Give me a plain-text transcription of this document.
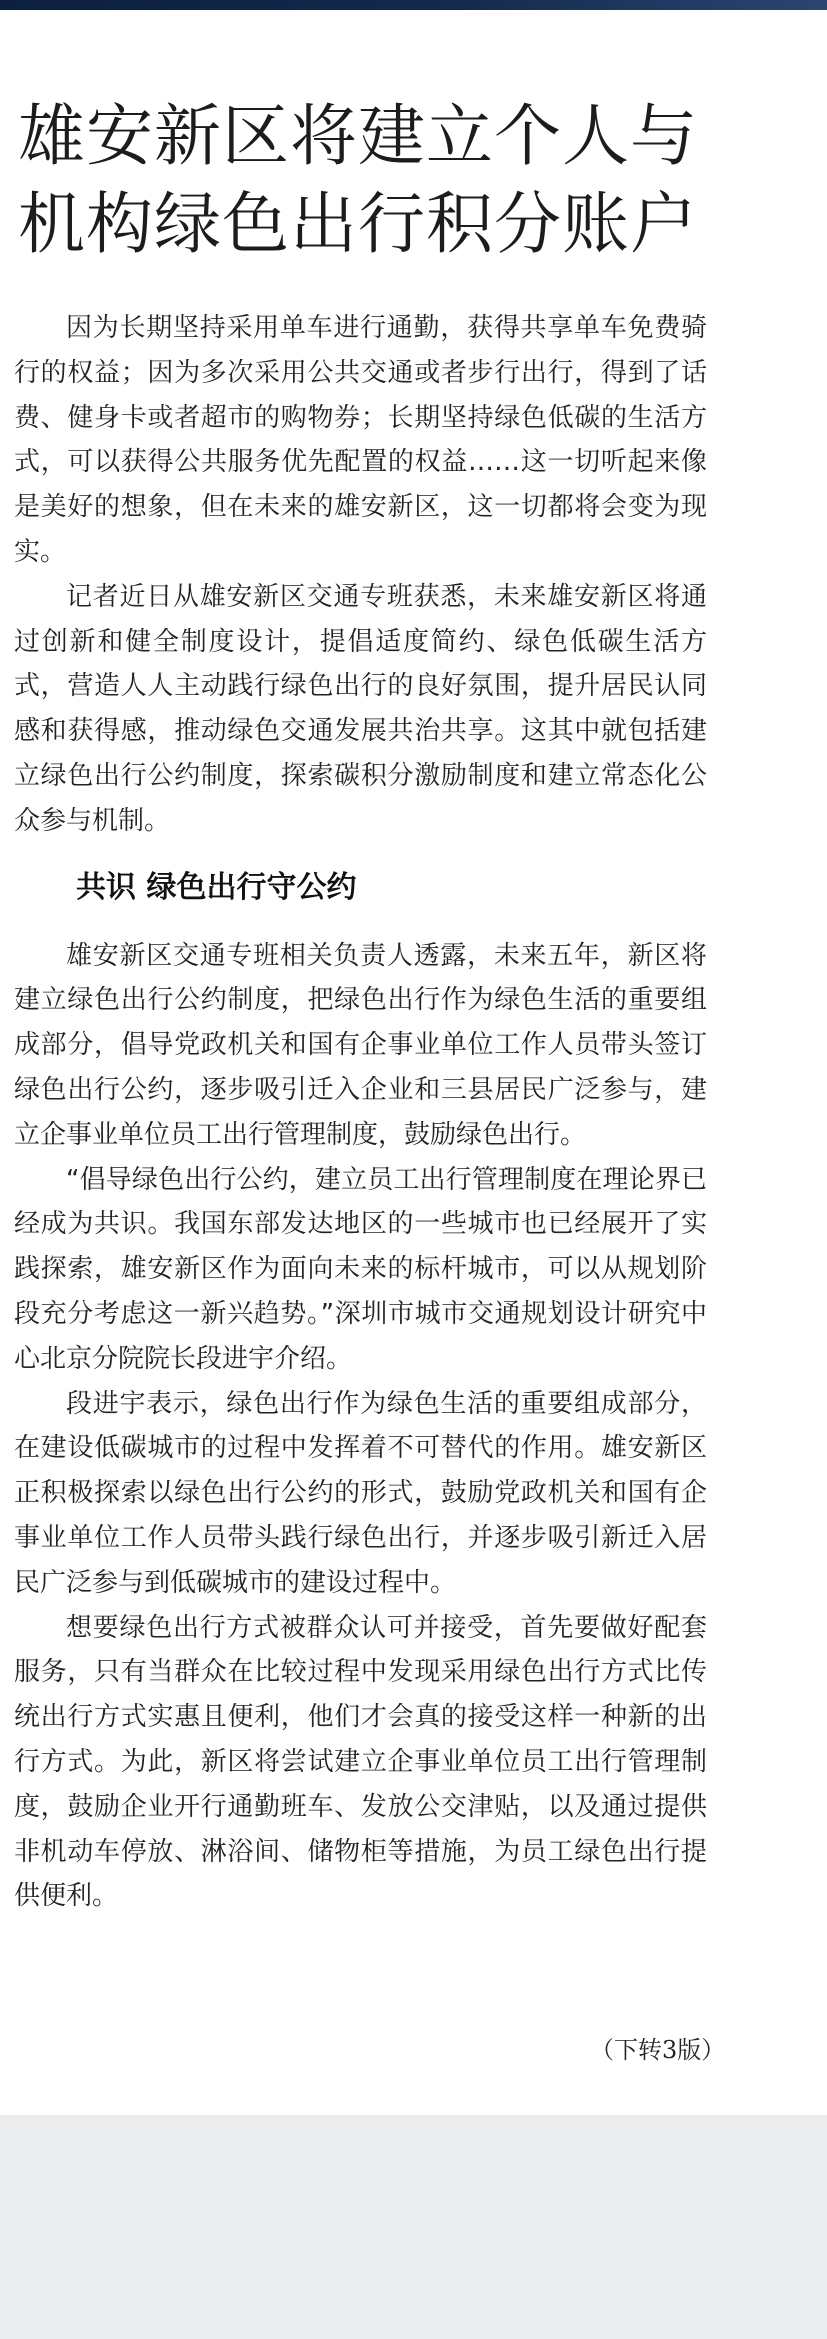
雄安新区将建立个人与
机构绿色出行积分账户

因为长期坚持采用单车进行通勤，获得共享单车免费骑行的权益；因为多次采用公共交通或者步行出行，得到了话费、健身卡或者超市的购物券；长期坚持绿色低碳的生活方式，可以获得公共服务优先配置的权益……这一切听起来像是美好的想象，但在未来的雄安新区，这一切都将会变为现实。

记者近日从雄安新区交通专班获悉，未来雄安新区将通过创新和健全制度设计，提倡适度简约、绿色低碳生活方式，营造人人主动践行绿色出行的良好氛围，提升居民认同感和获得感，推动绿色交通发展共治共享。这其中就包括建立绿色出行公约制度，探索碳积分激励制度和建立常态化公众参与机制。

共识 绿色出行守公约

雄安新区交通专班相关负责人透露，未来五年，新区将建立绿色出行公约制度，把绿色出行作为绿色生活的重要组成部分，倡导党政机关和国有企事业单位工作人员带头签订绿色出行公约，逐步吸引迁入企业和三县居民广泛参与，建立企事业单位员工出行管理制度，鼓励绿色出行。

“倡导绿色出行公约，建立员工出行管理制度在理论界已经成为共识。我国东部发达地区的一些城市也已经展开了实践探索，雄安新区作为面向未来的标杆城市，可以从规划阶段充分考虑这一新兴趋势。”深圳市城市交通规划设计研究中心北京分院院长段进宇介绍。

段进宇表示，绿色出行作为绿色生活的重要组成部分，在建设低碳城市的过程中发挥着不可替代的作用。雄安新区正积极探索以绿色出行公约的形式，鼓励党政机关和国有企事业单位工作人员带头践行绿色出行，并逐步吸引新迁入居民广泛参与到低碳城市的建设过程中。

想要绿色出行方式被群众认可并接受，首先要做好配套服务，只有当群众在比较过程中发现采用绿色出行方式比传统出行方式实惠且便利，他们才会真的接受这样一种新的出行方式。为此，新区将尝试建立企事业单位员工出行管理制度，鼓励企业开行通勤班车、发放公交津贴，以及通过提供非机动车停放、淋浴间、储物柜等措施，为员工绿色出行提供便利。

（下转3版）
